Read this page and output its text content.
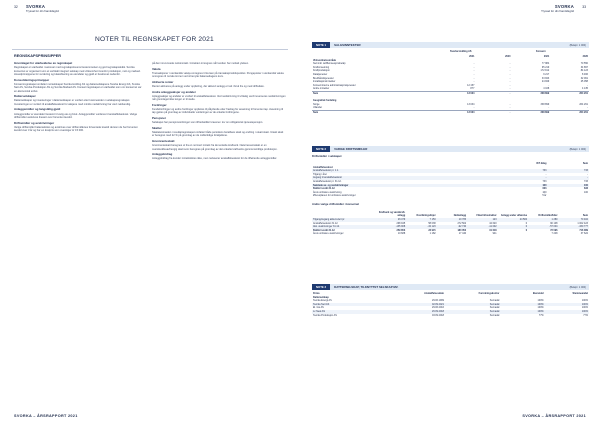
32 SVORKA
Tryssel for din framtidsgrid
NOTER TIL REGNSKAPET FOR 2021
REGNSKAPSPRINSIPPER
Grunnlaget for utarbeidelse av regnskapet

Regnskapet er utarbeidet i samsvar med regnskapslovens bestemmelser og god regnskapsskikk. Svorka konsernet er organisert som et vertikalt integrert selskap med virksomhet innenfor produksjon, nett og marked. Hovedprinsippene for vurdering og klassifisering av eiendeler og gjeld er beskrevet nedenfor.

Konsolideringsprinsipper

Konsernregnskapet omfatter morselskapet Svorka Holding AS og datterselskapene Svorka Energi AS, Svorka Nett AS, Svorka Produksjon AS og Svorka Marked AS. Konsernregnskapet er utarbeidet som om konsernet var en økonomisk enhet.

Datterselskaper

Datterselskaper og investeringer i datterselskaper er vurdert etter kostmetoden i selskapsregnskapet. Investeringen er vurdert til anskaffelseskost for aksjene med mindre nedskrivning har vært nødvendig.

Anleggsmidler og langsiktig gjeld

Anleggsmidler er eiendeler bestemt til varig eie og bruk. Anleggsmidler vurderes til anskaffelseskost. Varige driftsmidler avskrives lineært over forventet levetid.

Driftsmidler og avskrivninger

Varige driftsmidler balanseføres og avskrives over driftsmidlenes forventede levetid dersom de har forventet levetid over 3 år og har en kostpris som overstiger kr 15 000.

på den innvunnede nettoinntekt. Inntekten innregnes når kunden har mottatt ytelsen.

Valuta

Transaksjoner i utenlandsk valuta omregnes til kursen på transaksjonstidspunktet. Pengeposter i utenlandsk valuta omregnes til norske kroner ved å benytte balansedagens kurs.

Aktiverte renter

Renter aktiveres på anlegg under oppføring, der aktivert anlegg er tatt i bruk fra og med driftsdato.

Andre anleggsaksjer og andeler

Anleggsaksjer og andeler er vurdert til anskaffelseskost. Ved nedskrivning til virkelig verdi reverseres nedskrivningen når grunnlaget ikke lenger er til stede.

Fordringer

Kundefordringer og andre fordringer oppføres til pålydende etter fradrag for avsetning til forventet tap. Avsetning til tap gjøres på grunnlag av individuelle vurderinger av de enkelte fordringene.

Pensjoner

Selskapet har pensjonsordninger som tilfredsstiller kravene i lov om obligatorisk tjenestepensjon.

Skatter

Skattekostnaden i resultatregnskapet omfatter både periodens betalbare skatt og endring i utsatt skatt. Utsatt skatt er beregnet med 22 % på grunnlag av de midlertidige forskjellene.

Grunnrenteskatt

Grunnrenteskatt beregnes ut fra en normert inntekt fra det enkelte kraftverk. Naturressursskatt er en overskuddsuavhengig skatt som beregnes på grunnlag av det enkelte kraftverks gjennomsnittlige produksjon.

Anleggsbidrag

Anleggsbidrag fra kunder inntektsføres ikke, men reduserer anskaffelseskost for de tilhørende anleggsmidler.

SVORKA – ÅRSRAPPORT 2021
33
SVORKA
Tryssel for din framtidsgrid
NOTE 1	SALGSINNTEKTER	(Beløp i 1 000)
Svorka Holding AS	Konsern
	2021	2020	2021	2020
Virksomhetsområde				
Nett inkl. tariffkonsesjonsbeløp	-	-	77 884	70 550
Kraftomsetning	-	-	95 219	34 897
Kraftproduksjon	-	-	172 912	84 123
Datatjenester	-	-	9 217	8 466
Bredbåndstjenester	-	-	33 843	32 061
Installasjonsinntekter	-	-	24 849	25 058
Konserninterne administrasjonstjenester	12 157	-	-	-
Andre inntekter	877	-	4 168	4 135
Sum	13 034	-	338 899	264 261

Geografisk fordeling				
Norge	13 034	-	338 899	264 261
Utlandet	-	-	-	-
Sum	13 034	-	338 899	264 261
NOTE 2	VARIGE DRIFTSMIDLER	(Beløp i 1 000)
Driftsmidler i selskapet
	IKT-bilag	Sum
Anskaffelseskost		
Anskaffelseskost pr. 1.1.	733	733
Tilgang i året	-	-
Avgang til anskaffelseskost	-	-
Anskaffelseskost pr. 31.12.	733	733
Samlede av- og nedskrivninger	100	100
Bokført verdi 31.12.	633	633
Årets ordinære avskrivning	100	100
Ørtevsplanen for ordinære avskrivninger	5 år	
Andre varige driftsmidler i konsernet
	Kraftverk og vannkraft-anlegg	Overføringslinjer	Nettanlegg	Fiberinfrastruktur	Anlegg under utførelse	Driftsmidler/biler	Sum
Tilgang/avgang akkumulert pr.	26 479	7 153	10 783	123	24 584	1 280	70 402
Anskaffelseskost 31.12.	298 945	58 038	272 502	42 620	0	90 108	1 002 423
Akk. avskrivninger 31.12.	-135 908	-34 123	-92 740	-11 002	0	-57 004	-330 777
Bokført verdi 31.12.	259 853	23 915	180 052	31 618	0	72 096	716 089
Årets ordinære avskrivninger	10 688	1 182	17 440	941		7 248	37 622
NOTE 3	DATTERSELSKAP, TILKNYTTET SELSKAP MV.	(Beløp i 1 000)
Firma	Anskaffelsesdato	Forretningskontor	Eierandel	Stemmeandel
Datterselskap				
Svorka Energi AS	29.06.1999	Surnadal	100%	100%
Svorka Nett AS	02.09.2021	Surnadal	100%	100%
El. Gis AS	29.06.2016	Surnadal	100%	100%
Lc Neat AS	26.09.2018	Surnadal	100%	100%
Svorka Produksjon AS	03.09.2018	Surnadal	77%	77%
SVORKA – ÅRSRAPPORT 2021
